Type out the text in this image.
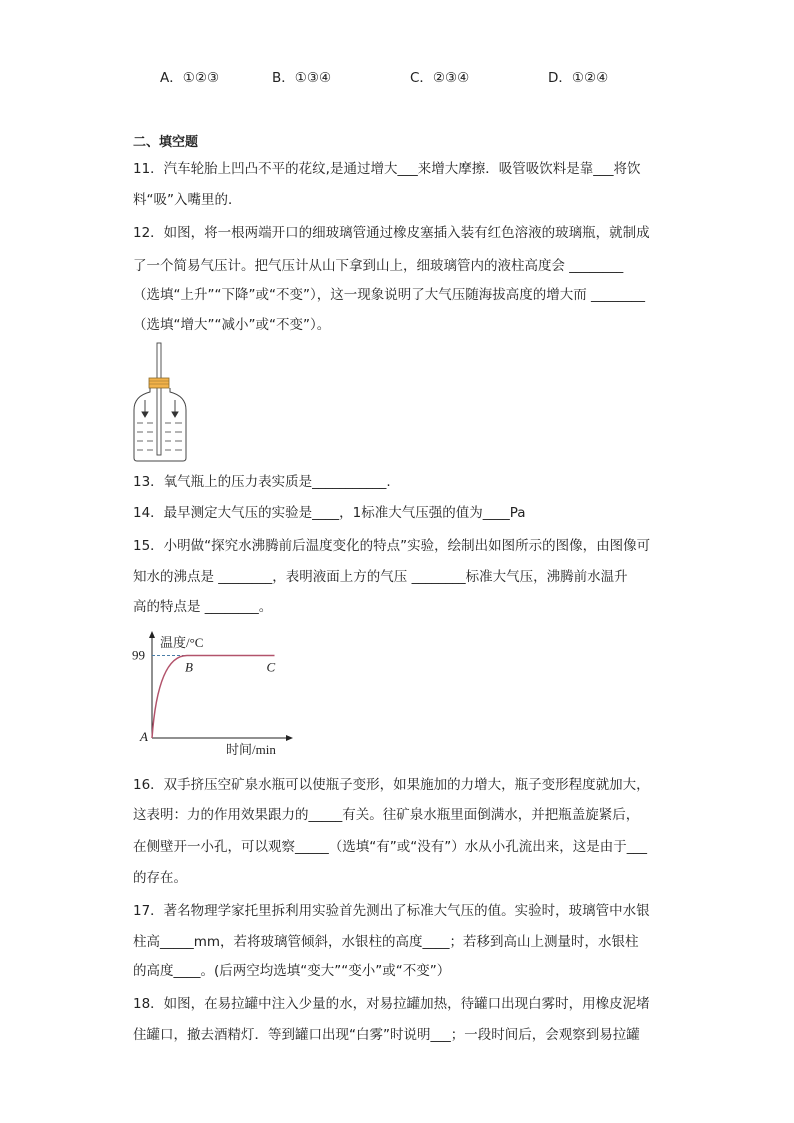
A．①②③	B．①③④	C．②③④	D．①②④
二、填空题
11．汽车轮胎上凹凸不平的花纹,是通过增大___来增大摩擦．吸管吸饮料是靠___将饮
料“吸”入嘴里的．
12．如图，将一根两端开口的细玻璃管通过橡皮塞插入装有红色溶液的玻璃瓶，就制成
了一个简易气压计。把气压计从山下拿到山上，细玻璃管内的液柱高度会 ________
（选填“上升”“下降”或“不变”），这一现象说明了大气压随海拔高度的增大而 ________
（选填“增大”“减小”或“不变”）。
13．氧气瓶上的压力表实质是___________.
14．最早测定大气压的实验是____，1标准大气压强的值为____Pa
15．小明做“探究水沸腾前后温度变化的特点”实验，绘制出如图所示的图像，由图像可
知水的沸点是 ________，表明液面上方的气压 ________标准大气压，沸腾前水温升
高的特点是 ________。
温度/°C
时间/min
99
A
B	C
16．双手挤压空矿泉水瓶可以使瓶子变形，如果施加的力增大，瓶子变形程度就加大，
这表明：力的作用效果跟力的_____有关。往矿泉水瓶里面倒满水，并把瓶盖旋紧后，
在侧壁开一小孔，可以观察_____（选填“有”或“没有”）水从小孔流出来，这是由于___
的存在。
17．著名物理学家托里拆利用实验首先测出了标准大气压的值。实验时，玻璃管中水银
柱高_____mm，若将玻璃管倾斜，水银柱的高度____；若移到高山上测量时，水银柱
的高度____。(后两空均选填“变大”“变小”或“不变”）
18．如图，在易拉罐中注入少量的水，对易拉罐加热，待罐口出现白雾时，用橡皮泥堵
住罐口，撤去酒精灯．等到罐口出现“白雾”时说明___；一段时间后，会观察到易拉罐
